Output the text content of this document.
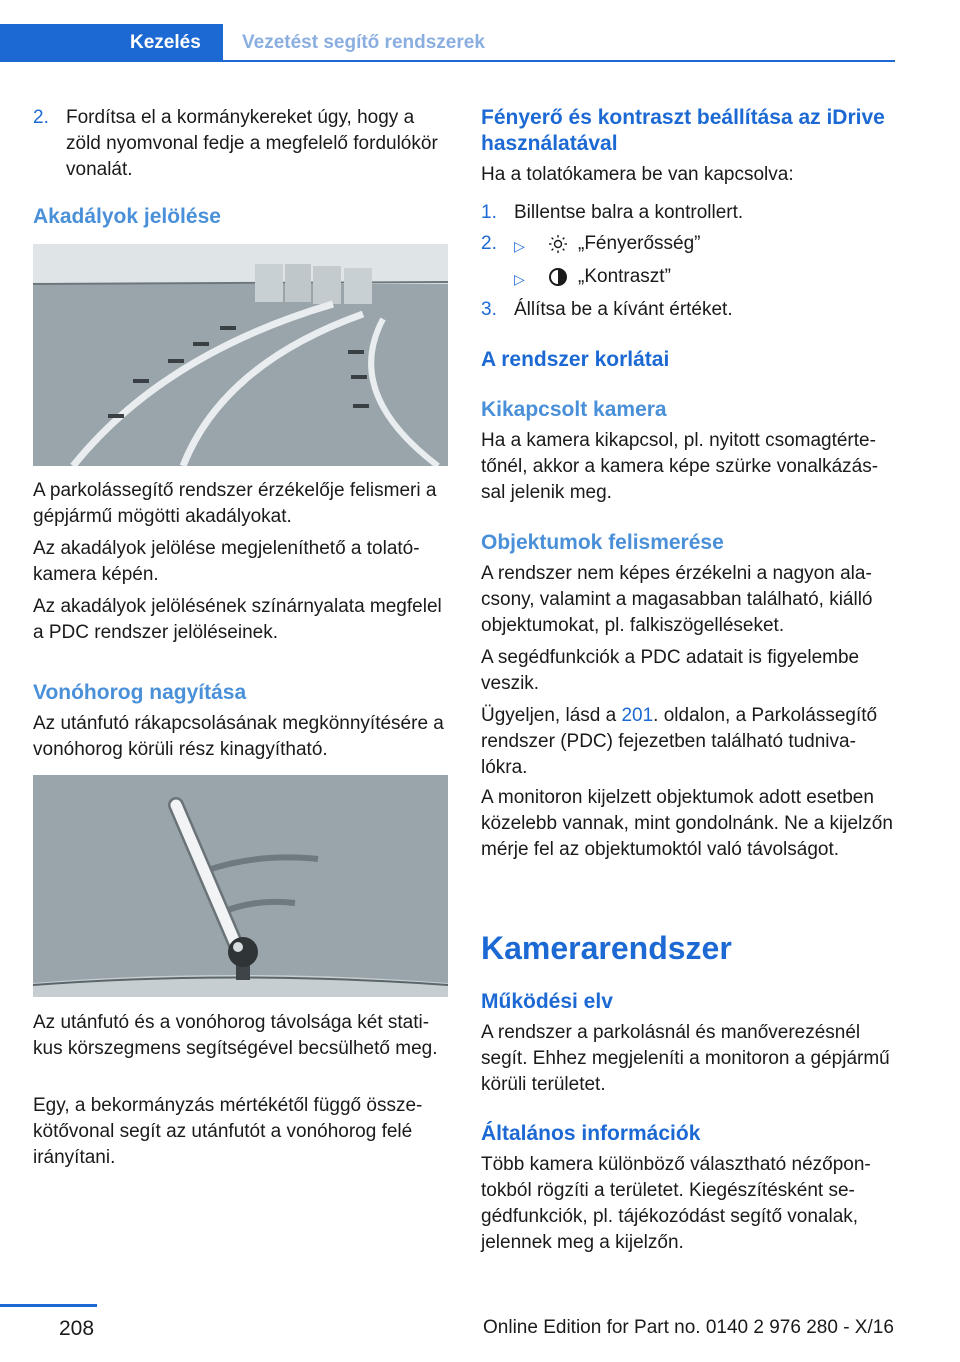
Kezelés	Vezetést segítő rendszerek
2. Fordítsa el a kormánykereket úgy, hogy a zöld nyomvonal fedje a megfelelő fordulókör vonalát.
Akadályok jelölése

A parkolássegítő rendszer érzékelője felismeri a gépjármű mögötti akadályokat.

Az akadályok jelölése megjeleníthető a tolatókamera képén.

Az akadályok jelölésének színárnyalata megfelel a PDC rendszer jelöléseinek.

Vonóhorog nagyítása

Az utánfutó rákapcsolásának megkönnyítésére a vonóhorog körüli rész kinagyítható.

Az utánfutó és a vonóhorog távolsága két statikus körszegmens segítségével becsülhető meg.

Egy, a bekormányzás mértékétől függő összekötővonal segít az utánfutót a vonóhorog felé irányítani.

Fényerő és kontraszt beállítása az iDrive használatával

Ha a tolatókamera be van kapcsolva:

1. Billentse balra a kontrollert.
2. ▷	„Fényerősség”
▷	„Kontraszt”
3. Állítsa be a kívánt értéket.
A rendszer korlátai
Kikapcsolt kamera

Ha a kamera kikapcsol, pl. nyitott csomagtértetőnél, akkor a kamera képe szürke vonalkázással jelenik meg.

Objektumok felismerése

A rendszer nem képes érzékelni a nagyon alacsony, valamint a magasabban található, kiálló objektumokat, pl. falkiszögelléseket.

A segédfunkciók a PDC adatait is figyelembe veszik.

Ügyeljen, lásd a 201. oldalon, a Parkolássegítő rendszer (PDC) fejezetben található tudnivalókra.

A monitoron kijelzett objektumok adott esetben közelebb vannak, mint gondolnánk. Ne a kijelzőn mérje fel az objektumoktól való távolságot.

Kamerarendszer
Működési elv

A rendszer a parkolásnál és manőverezésnél segít. Ehhez megjeleníti a monitoron a gépjármű körüli területet.

Általános információk

Több kamera különböző választható nézőpontokból rögzíti a területet. Kiegészítésként segédfunkciók, pl. tájékozódást segítő vonalak, jelennek meg a kijelzőn.

208	Online Edition for Part no. 0140 2 976 280 - X/16
